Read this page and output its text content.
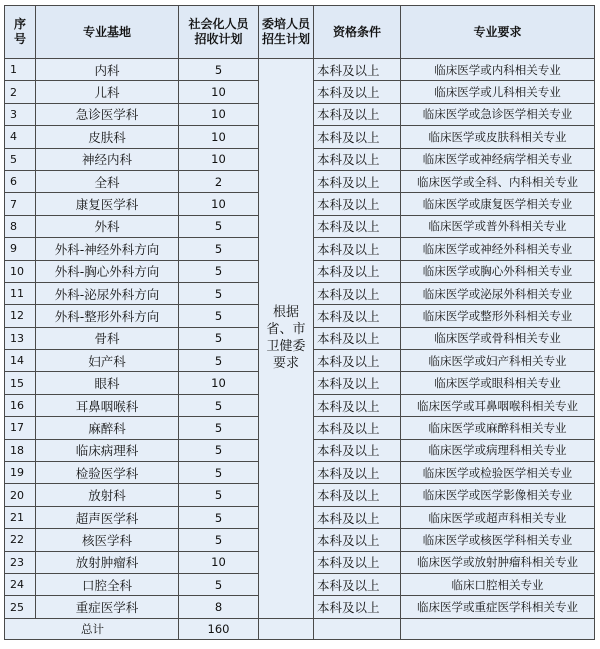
序号	专业基地	社会化人员招收计划	委培人员招生计划	资格条件	专业要求
1	内科	5	根据省、市卫健委要求	本科及以上	临床医学或内科相关专业
2	儿科	10		本科及以上	临床医学或儿科相关专业
3	急诊医学科	10		本科及以上	临床医学或急诊医学相关专业
4	皮肤科	10		本科及以上	临床医学或皮肤科相关专业
5	神经内科	10		本科及以上	临床医学或神经病学相关专业
6	全科	2		本科及以上	临床医学或全科、内科相关专业
7	康复医学科	10		本科及以上	临床医学或康复医学相关专业
8	外科	5		本科及以上	临床医学或普外科相关专业
9	外科-神经外科方向	5		本科及以上	临床医学或神经外科相关专业
10	外科-胸心外科方向	5		本科及以上	临床医学或胸心外科相关专业
11	外科-泌尿外科方向	5		本科及以上	临床医学或泌尿外科相关专业
12	外科-整形外科方向	5		本科及以上	临床医学或整形外科相关专业
13	骨科	5		本科及以上	临床医学或骨科相关专业
14	妇产科	5		本科及以上	临床医学或妇产科相关专业
15	眼科	10		本科及以上	临床医学或眼科相关专业
16	耳鼻咽喉科	5		本科及以上	临床医学或耳鼻咽喉科相关专业
17	麻醉科	5		本科及以上	临床医学或麻醉科相关专业
18	临床病理科	5		本科及以上	临床医学或病理科相关专业
19	检验医学科	5		本科及以上	临床医学或检验医学相关专业
20	放射科	5		本科及以上	临床医学或医学影像相关专业
21	超声医学科	5		本科及以上	临床医学或超声科相关专业
22	核医学科	5		本科及以上	临床医学或核医学科相关专业
23	放射肿瘤科	10		本科及以上	临床医学或放射肿瘤科相关专业
24	口腔全科	5		本科及以上	临床口腔相关专业
25	重症医学科	8		本科及以上	临床医学或重症医学科相关专业
总计		160			
